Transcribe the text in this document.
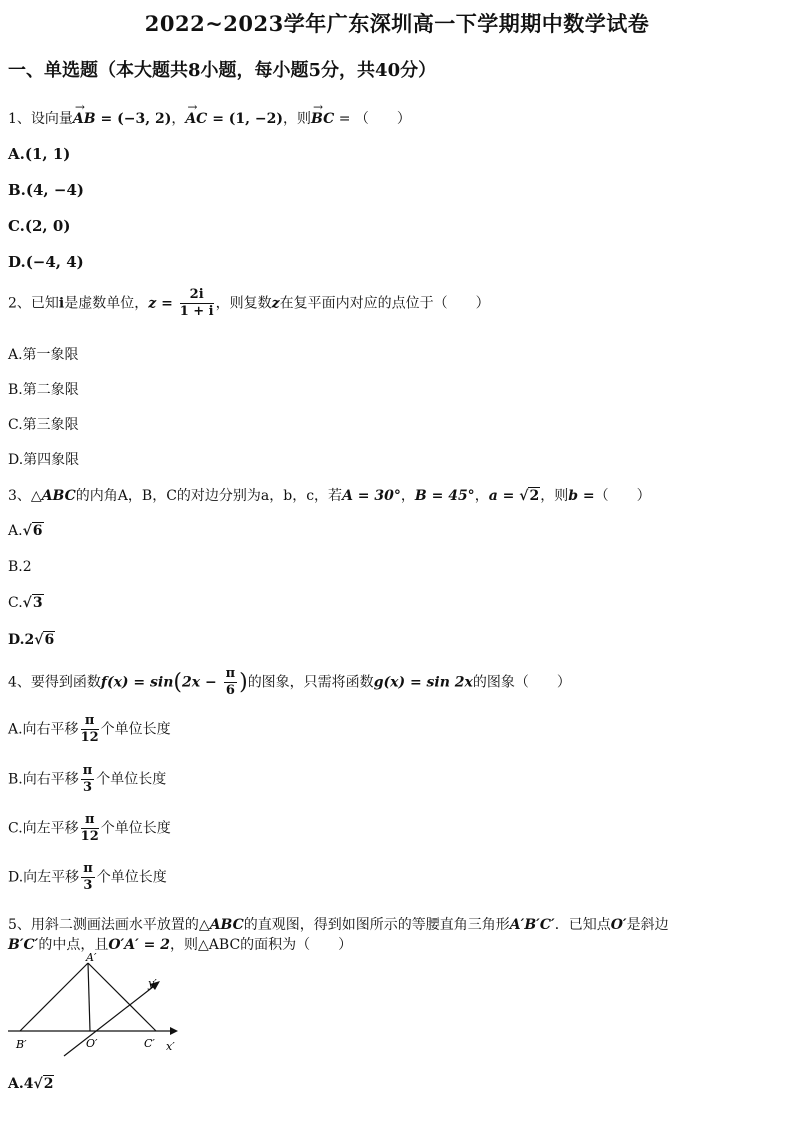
2022~2023学年广东深圳高一下学期期中数学试卷
一、单选题（本大题共8小题，每小题5分，共40分）
1、设向量→ AB = (−3, 2)，→ AC = (1, −2)，则→ BC = （　　）
A.(1, 1)
B.(4, −4)
C.(2, 0)
D.(−4, 4)
2、已知i是虚数单位，$z = \frac{2i}{1 + i}$ ，则复数z在复平面内对应的点位于（　　）
A.第一象限
B.第二象限
C.第三象限
D.第四象限
3、△ABC的内角A，B，C的对边分别为a，b，c，若A = 30°，B = 45°，a = √2，则b =（　　）
A.√6
B.2
C.√3
D.2√6
4、要得到函数$f(x) = \sin(2x - \frac{\pi}{6}$ )的图象，只需将函数g(x) = sin 2x的图象（　　）
A.向右平移 $\frac{\pi}{12}$ 个单位长度
B.向右平移 $\frac{\pi}{3}$ 个单位长度
C.向左平移 $\frac{\pi}{12}$ 个单位长度
D.向左平移 $\frac{\pi}{3}$ 个单位长度
5、用斜二测画法画水平放置的△ABC的直观图，得到如图所示的等腰直角三角形A′B′C′．已知点O′是斜边
B′C′的中点，且O′A′ = 2，则△ABC的面积为（　　）
A′
B′	O′	C′ x′
y′
A.4√2
